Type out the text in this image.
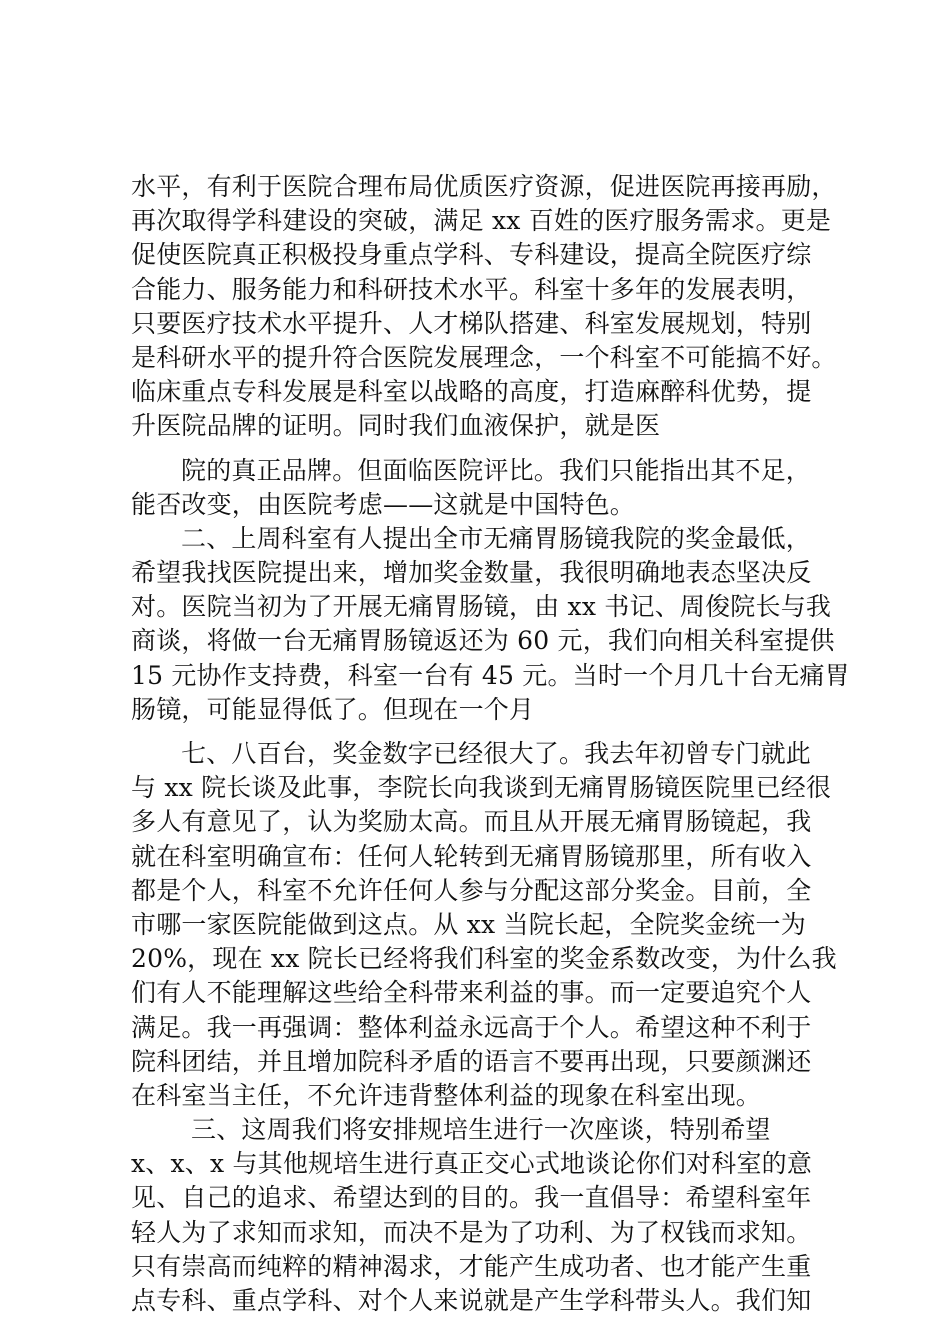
水平，有利于医院合理布局优质医疗资源，促进医院再接再励，
再次取得学科建设的突破，满足 xx 百姓的医疗服务需求。更是
促使医院真正积极投身重点学科、专科建设，提高全院医疗综
合能力、服务能力和科研技术水平。科室十多年的发展表明，
只要医疗技术水平提升、人才梯队搭建、科室发展规划，特别
是科研水平的提升符合医院发展理念，一个科室不可能搞不好。
临床重点专科发展是科室以战略的高度，打造麻醉科优势，提
升医院品牌的证明。同时我们血液保护，就是医
院的真正品牌。但面临医院评比。我们只能指出其不足，
能否改变，由医院考虑——这就是中国特色。
二、上周科室有人提出全市无痛胃肠镜我院的奖金最低，
希望我找医院提出来，增加奖金数量，我很明确地表态坚决反
对。医院当初为了开展无痛胃肠镜，由 xx 书记、周俊院长与我
商谈，将做一台无痛胃肠镜返还为 60 元，我们向相关科室提供
15 元协作支持费，科室一台有 45 元。当时一个月几十台无痛胃
肠镜，可能显得低了。但现在一个月
七、八百台，奖金数字已经很大了。我去年初曾专门就此
与 xx 院长谈及此事，李院长向我谈到无痛胃肠镜医院里已经很
多人有意见了，认为奖励太高。而且从开展无痛胃肠镜起，我
就在科室明确宣布：任何人轮转到无痛胃肠镜那里，所有收入
都是个人，科室不允许任何人参与分配这部分奖金。目前，全
市哪一家医院能做到这点。从 xx 当院长起，全院奖金统一为
20%，现在 xx 院长已经将我们科室的奖金系数改变，为什么我
们有人不能理解这些给全科带来利益的事。而一定要追究个人
满足。我一再强调：整体利益永远高于个人。希望这种不利于
院科团结，并且增加院科矛盾的语言不要再出现，只要颜渊还
在科室当主任，不允许违背整体利益的现象在科室出现。
三、这周我们将安排规培生进行一次座谈，特别希望
x、x、x 与其他规培生进行真正交心式地谈论你们对科室的意
见、自己的追求、希望达到的目的。我一直倡导：希望科室年
轻人为了求知而求知，而决不是为了功利、为了权钱而求知。
只有崇高而纯粹的精神渴求，才能产生成功者、也才能产生重
点专科、重点学科、对个人来说就是产生学科带头人。我们知
